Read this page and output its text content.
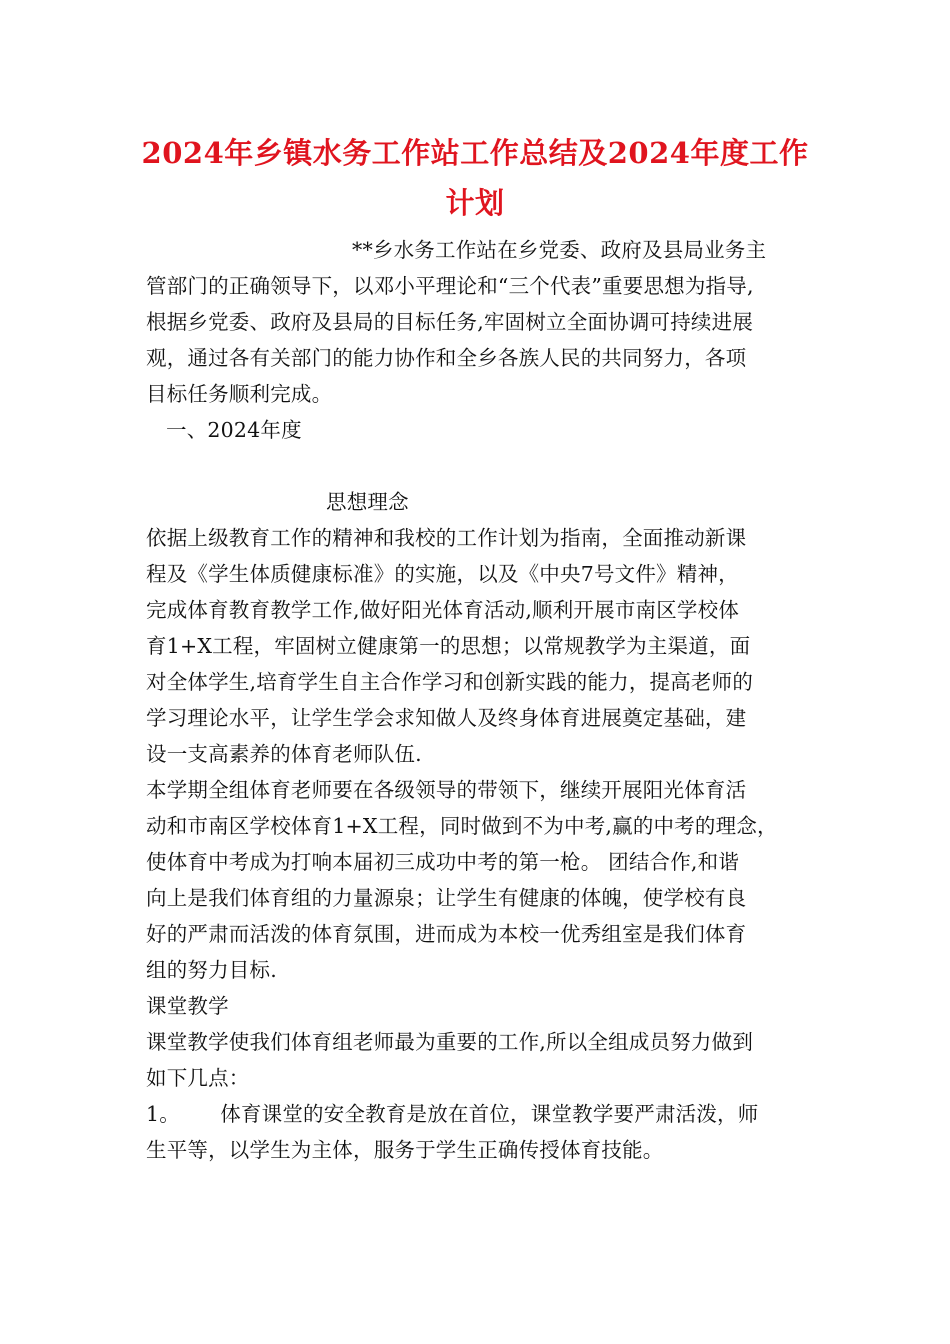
2024年乡镇水务工作站工作总结及2024年度工作
计划
**乡水务工作站在乡党委、政府及县局业务主
管部门的正确领导下，以邓小平理论和“三个代表”重要思想为指导,
根据乡党委、政府及县局的目标任务,牢固树立全面协调可持续进展
观，通过各有关部门的能力协作和全乡各族人民的共同努力，各项
目标任务顺利完成。
一、2024年度
思想理念
依据上级教育工作的精神和我校的工作计划为指南，全面推动新课
程及《学生体质健康标准》的实施，以及《中央7号文件》精神，
完成体育教育教学工作,做好阳光体育活动,顺利开展市南区学校体
育1+X工程，牢固树立健康第一的思想；以常规教学为主渠道，面
对全体学生,培育学生自主合作学习和创新实践的能力，提高老师的
学习理论水平，让学生学会求知做人及终身体育进展奠定基础，建
设一支高素养的体育老师队伍.
本学期全组体育老师要在各级领导的带领下，继续开展阳光体育活
动和市南区学校体育1+X工程，同时做到不为中考,赢的中考的理念，
使体育中考成为打响本届初三成功中考的第一枪。 团结合作,和谐
向上是我们体育组的力量源泉；让学生有健康的体魄，使学校有良
好的严肃而活泼的体育氛围，进而成为本校一优秀组室是我们体育
组的努力目标.
课堂教学
课堂教学使我们体育组老师最为重要的工作,所以全组成员努力做到
如下几点：
1。      体育课堂的安全教育是放在首位，课堂教学要严肃活泼，师
生平等，以学生为主体，服务于学生正确传授体育技能。
